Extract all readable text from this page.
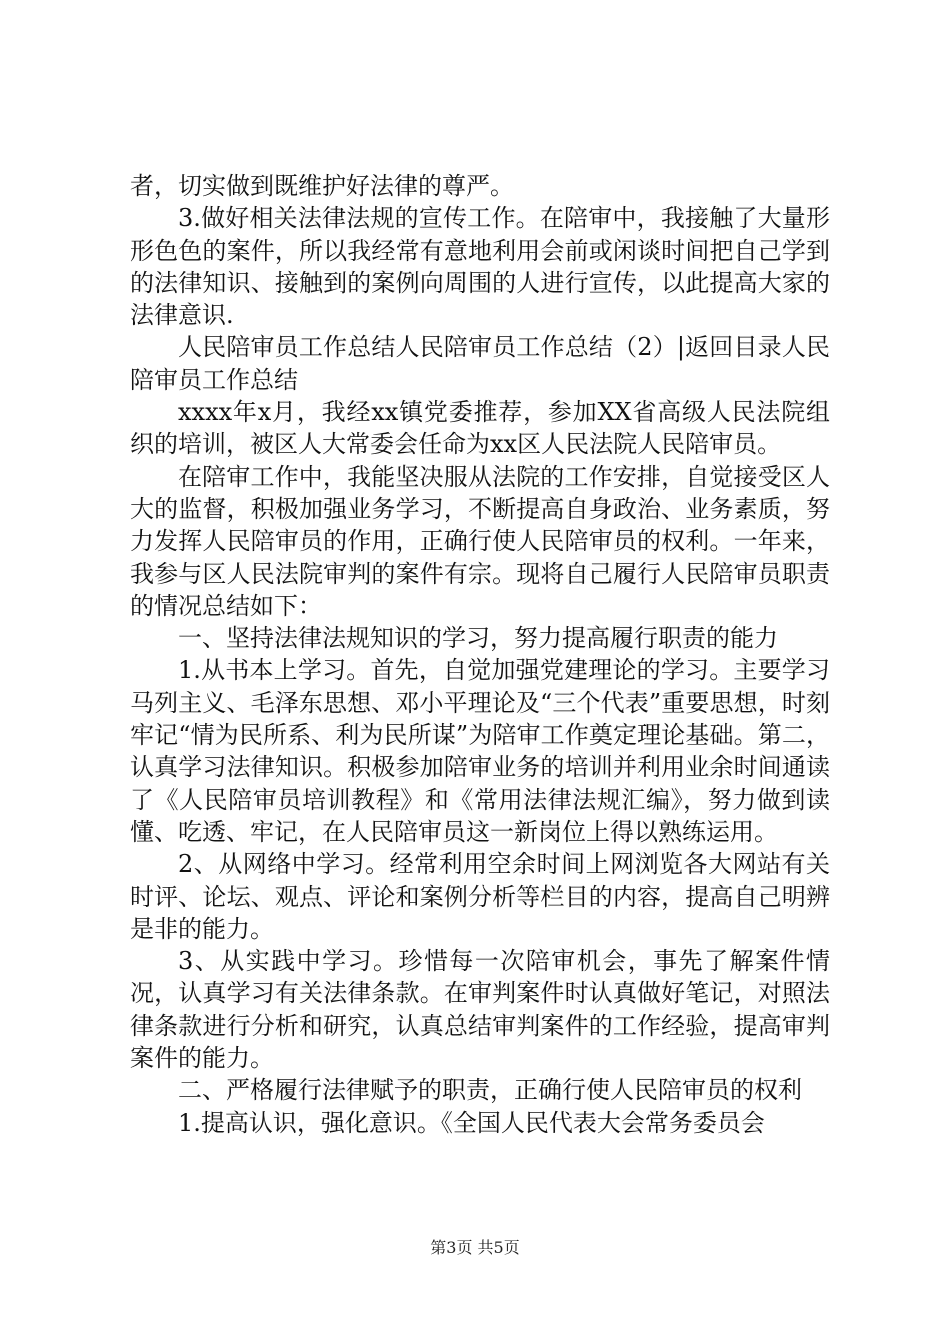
者，切实做到既维护好法律的尊严。

3.做好相关法律法规的宣传工作。在陪审中，我接触了大量形形色色的案件，所以我经常有意地利用会前或闲谈时间把自己学到的法律知识、接触到的案例向周围的人进行宣传，以此提高大家的法律意识.

人民陪审员工作总结人民陪审员工作总结（2）|返回目录人民陪审员工作总结

xxxx年x月，我经xx镇党委推荐，参加XX省高级人民法院组织的培训，被区人大常委会任命为xx区人民法院人民陪审员。

在陪审工作中，我能坚决服从法院的工作安排，自觉接受区人大的监督，积极加强业务学习，不断提高自身政治、业务素质，努力发挥人民陪审员的作用，正确行使人民陪审员的权利。一年来，我参与区人民法院审判的案件有宗。现将自己履行人民陪审员职责的情况总结如下：

一、坚持法律法规知识的学习，努力提高履行职责的能力

1.从书本上学习。首先，自觉加强党建理论的学习。主要学习马列主义、毛泽东思想、邓小平理论及“三个代表”重要思想，时刻牢记“情为民所系、利为民所谋”为陪审工作奠定理论基础。第二，认真学习法律知识。积极参加陪审业务的培训并利用业余时间通读了《人民陪审员培训教程》和《常用法律法规汇编》，努力做到读懂、吃透、牢记，在人民陪审员这一新岗位上得以熟练运用。

2、从网络中学习。经常利用空余时间上网浏览各大网站有关时评、论坛、观点、评论和案例分析等栏目的内容，提高自己明辨是非的能力。

3、从实践中学习。珍惜每一次陪审机会，事先了解案件情况，认真学习有关法律条款。在审判案件时认真做好笔记，对照法律条款进行分析和研究，认真总结审判案件的工作经验，提高审判案件的能力。

二、严格履行法律赋予的职责，正确行使人民陪审员的权利

1.提高认识，强化意识。《全国人民代表大会常务委员会

第3页 共5页
